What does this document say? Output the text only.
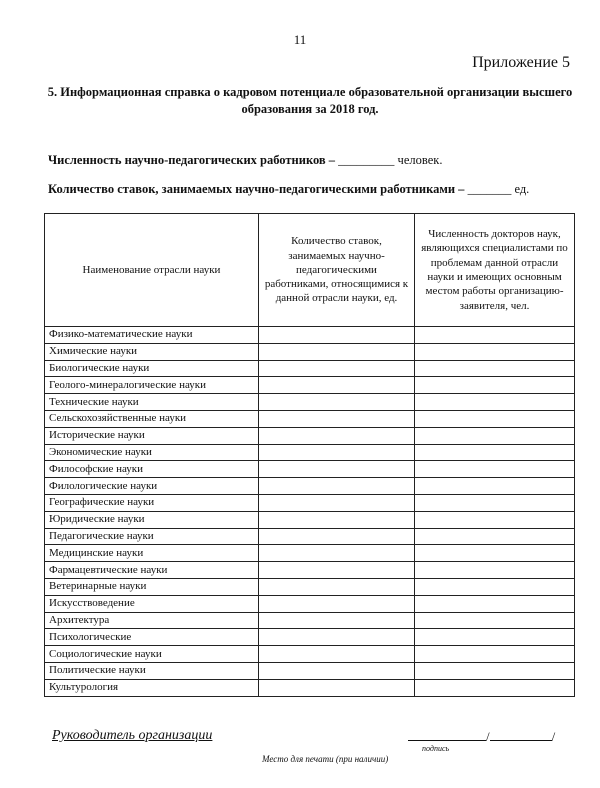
11
Приложение 5
5. Информационная справка о кадровом потенциале образовательной организации высшего
образования за 2018 год.
Численность научно-педагогических работников – _________ человек.
Количество ставок, занимаемых научно-педагогическими работниками – _______ ед.
Наименование отрасли науки	Количество ставок, занимаемых научно-педагогическими работниками, относящимися к данной отрасли науки, ед.	Численность докторов наук, являющихся специалистами по проблемам данной отрасли науки и имеющих основным местом работы организацию-заявителя, чел.
Физико-математические науки		
Химические науки		
Биологические науки		
Геолого-минералогические науки		
Технические науки		
Сельскохозяйственные науки		
Исторические науки		
Экономические науки		
Философские науки		
Филологические науки		
Географические науки		
Юридические науки		
Педагогические науки		
Медицинские науки		
Фармацевтические науки		
Ветеринарные науки		
Искусствоведение		
Архитектура		
Психологические		
Социологические науки		
Политические науки		
Культурология		
Руководитель организации	/	/
подпись
Место для печати (при наличии)
